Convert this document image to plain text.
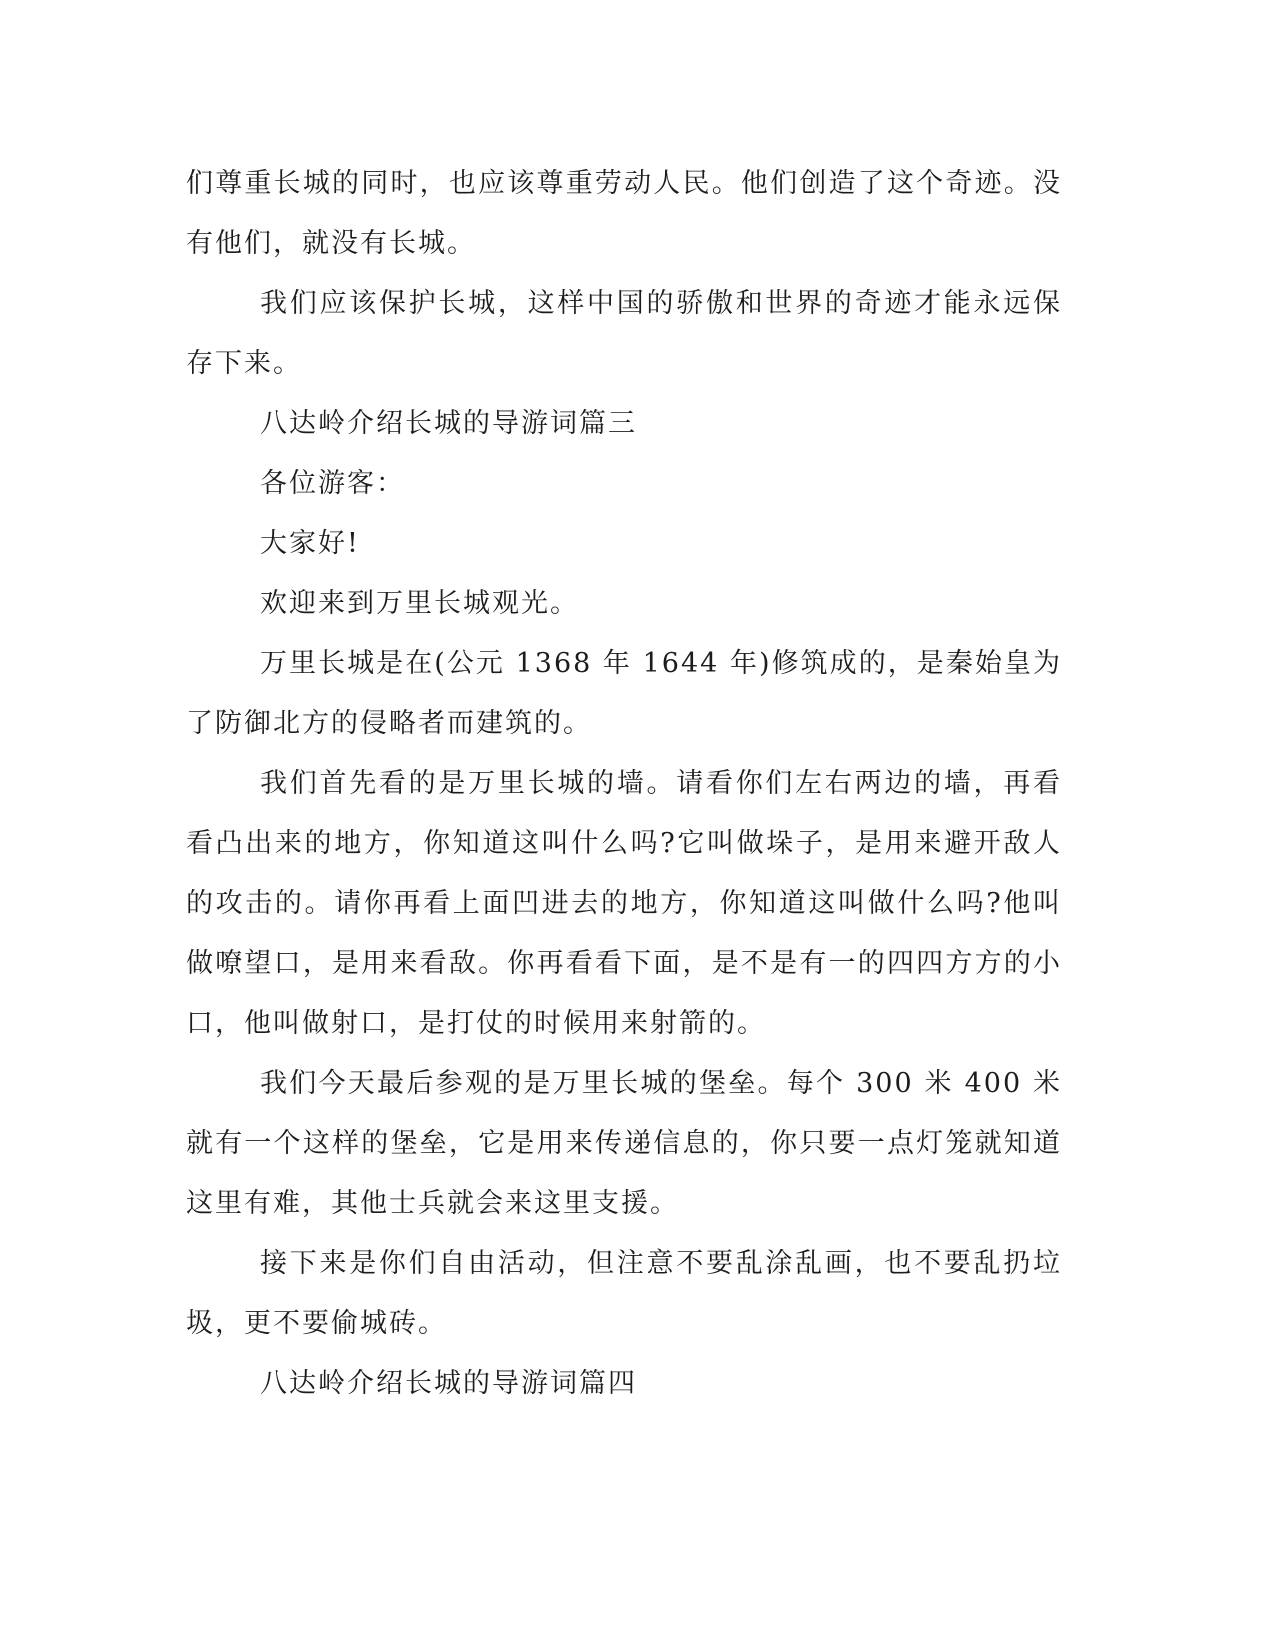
们尊重长城的同时，也应该尊重劳动人民。他们创造了这个奇迹。没有他们，就没有长城。

我们应该保护长城，这样中国的骄傲和世界的奇迹才能永远保存下来。

八达岭介绍长城的导游词篇三

各位游客：

大家好!

欢迎来到万里长城观光。

万里长城是在(公元 1368 年 1644 年)修筑成的，是秦始皇为了防御北方的侵略者而建筑的。

我们首先看的是万里长城的墙。请看你们左右两边的墙，再看看凸出来的地方，你知道这叫什么吗?它叫做垛子，是用来避开敌人的攻击的。请你再看上面凹进去的地方，你知道这叫做什么吗?他叫做嘹望口，是用来看敌。你再看看下面，是不是有一的四四方方的小口，他叫做射口，是打仗的时候用来射箭的。

我们今天最后参观的是万里长城的堡垒。每个 300 米 400 米就有一个这样的堡垒，它是用来传递信息的，你只要一点灯笼就知道这里有难，其他士兵就会来这里支援。

接下来是你们自由活动，但注意不要乱涂乱画，也不要乱扔垃圾，更不要偷城砖。

八达岭介绍长城的导游词篇四
